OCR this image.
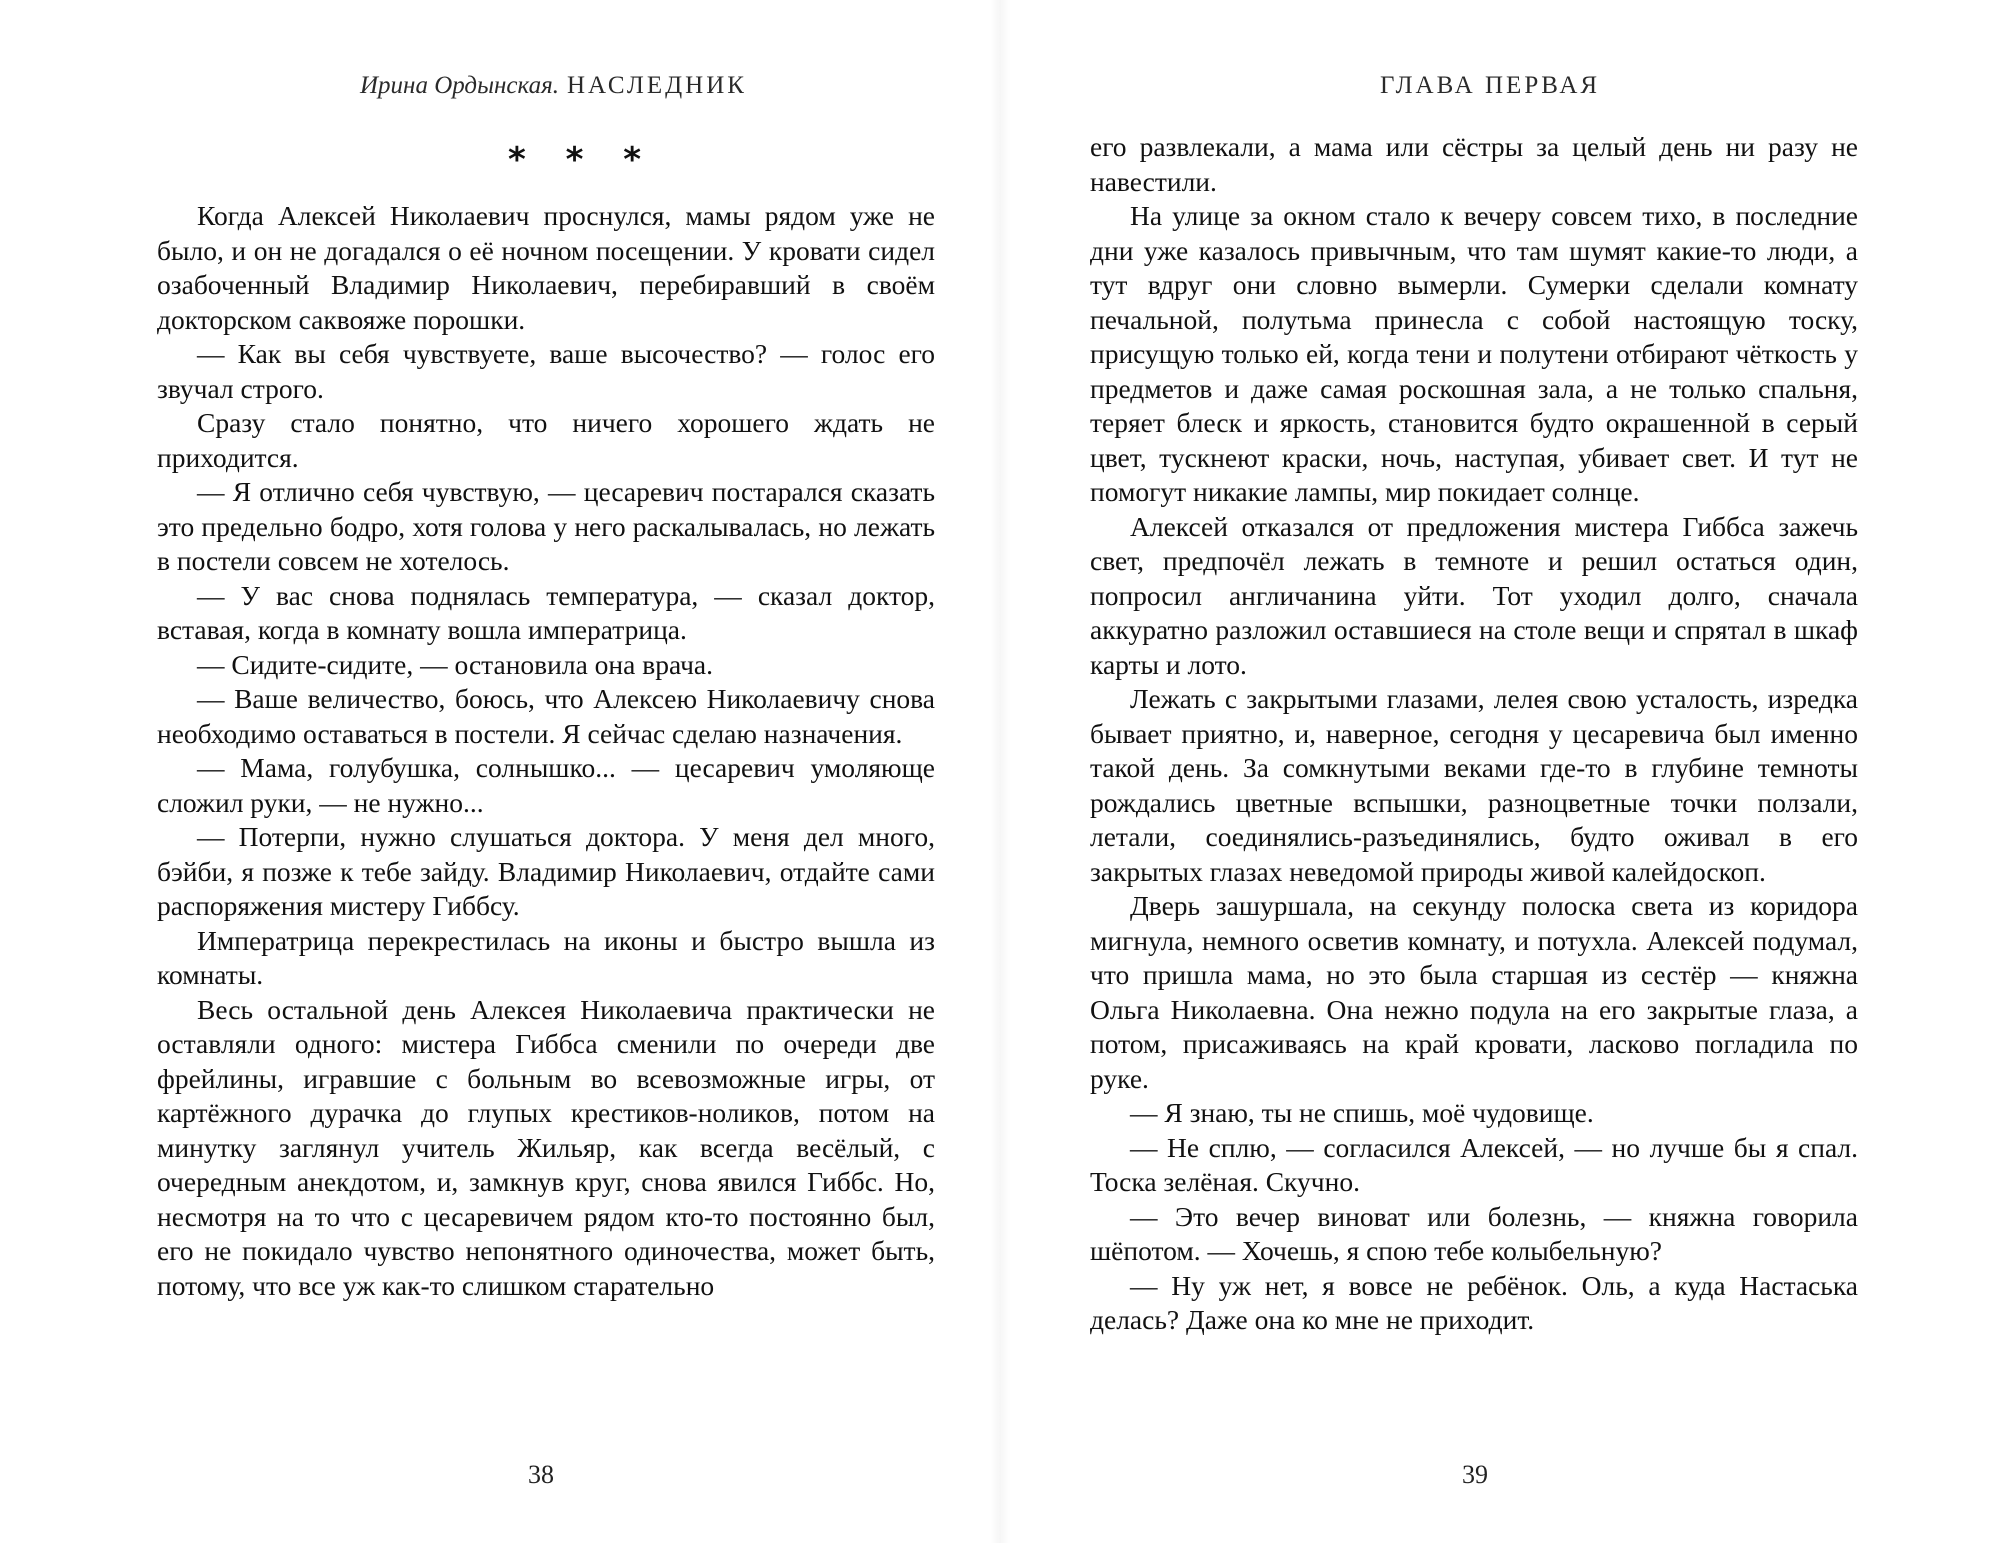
Ирина Ордынская. НАСЛЕДНИК
* * *

Когда Алексей Николаевич проснулся, мамы рядом уже не было, и он не догадался о её ночном посещении. У кровати сидел озабоченный Владимир Николаевич, перебиравший в своём докторском саквояже порошки.

— Как вы себя чувствуете, ваше высочество? — голос его звучал строго.

Сразу стало понятно, что ничего хорошего ждать не приходится.

— Я отлично себя чувствую, — цесаревич постарался сказать это предельно бодро, хотя голова у него раскалывалась, но лежать в постели совсем не хотелось.

— У вас снова поднялась температура, — сказал доктор, вставая, когда в комнату вошла императрица.

— Сидите-сидите, — остановила она врача.

— Ваше величество, боюсь, что Алексею Николаевичу снова необходимо оставаться в постели. Я сейчас сделаю назначения.

— Мама, голубушка, солнышко... — цесаревич умоляюще сложил руки, — не нужно...

— Потерпи, нужно слушаться доктора. У меня дел много, бэйби, я позже к тебе зайду. Владимир Николаевич, отдайте сами распоряжения мистеру Гиббсу.

Императрица перекрестилась на иконы и быстро вышла из комнаты.

Весь остальной день Алексея Николаевича практически не оставляли одного: мистера Гиббса сменили по очереди две фрейлины, игравшие с больным во всевозможные игры, от картёжного дурачка до глупых крестиков-ноликов, потом на минутку заглянул учитель Жильяр, как всегда весёлый, с очередным анекдотом, и, замкнув круг, снова явился Гиббс. Но, несмотря на то что с цесаревичем рядом кто-то постоянно был, его не покидало чувство непонятного одиночества, может быть, потому, что все уж как-то слишком старательно

38
ГЛАВА ПЕРВАЯ

его развлекали, а мама или сёстры за целый день ни разу не навестили.

На улице за окном стало к вечеру совсем тихо, в последние дни уже казалось привычным, что там шумят какие-то люди, а тут вдруг они словно вымерли. Сумерки сделали комнату печальной, полутьма принесла с собой настоящую тоску, присущую только ей, когда тени и полутени отбирают чёткость у предметов и даже самая роскошная зала, а не только спальня, теряет блеск и яркость, становится будто окрашенной в серый цвет, тускнеют краски, ночь, наступая, убивает свет. И тут не помогут никакие лампы, мир покидает солнце.

Алексей отказался от предложения мистера Гиббса зажечь свет, предпочёл лежать в темноте и решил остаться один, попросил англичанина уйти. Тот уходил долго, сначала аккуратно разложил оставшиеся на столе вещи и спрятал в шкаф карты и лото.

Лежать с закрытыми глазами, лелея свою усталость, изредка бывает приятно, и, наверное, сегодня у цесаревича был именно такой день. За сомкнутыми веками где-то в глубине темноты рождались цветные вспышки, разноцветные точки ползали, летали, соединялись-разъединялись, будто оживал в его закрытых глазах неведомой природы живой калейдоскоп.

Дверь зашуршала, на секунду полоска света из коридора мигнула, немного осветив комнату, и потухла. Алексей подумал, что пришла мама, но это была старшая из сестёр — княжна Ольга Николаевна. Она нежно подула на его закрытые глаза, а потом, присаживаясь на край кровати, ласково погладила по руке.

— Я знаю, ты не спишь, моё чудовище.

— Не сплю, — согласился Алексей, — но лучше бы я спал. Тоска зелёная. Скучно.

— Это вечер виноват или болезнь, — княжна говорила шёпотом. — Хочешь, я спою тебе колыбельную?

— Ну уж нет, я вовсе не ребёнок. Оль, а куда Настаська делась? Даже она ко мне не приходит.

39
